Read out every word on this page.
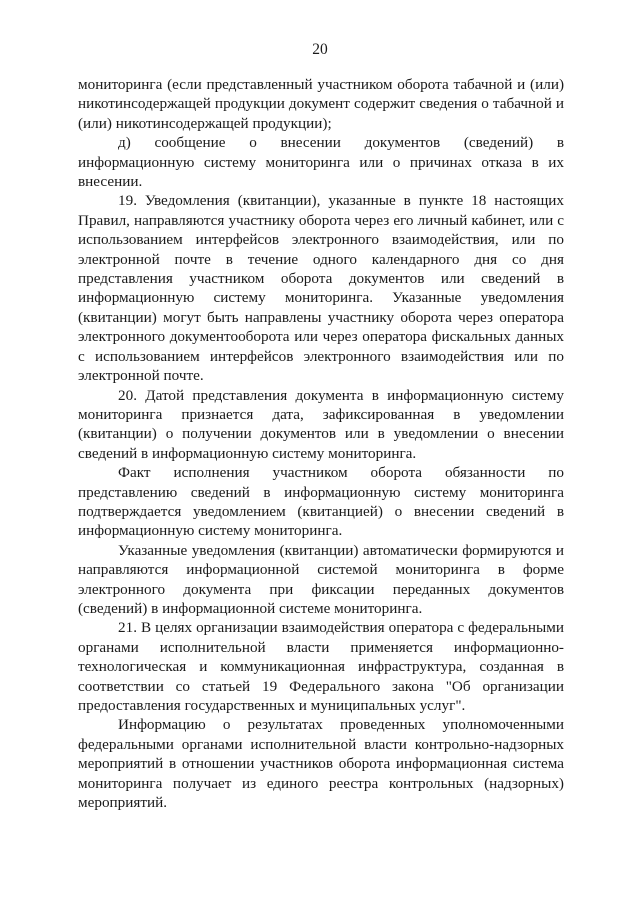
20

мониторинга (если представленный участником оборота табачной и (или) никотинсодержащей продукции документ содержит сведения о табачной и (или) никотинсодержащей продукции);

д) сообщение о внесении документов (сведений) в информационную систему мониторинга или о причинах отказа в их внесении.

19. Уведомления (квитанции), указанные в пункте 18 настоящих Правил, направляются участнику оборота через его личный кабинет, или с использованием интерфейсов электронного взаимодействия, или по электронной почте в течение одного календарного дня со дня представления участником оборота документов или сведений в информационную систему мониторинга. Указанные уведомления (квитанции) могут быть направлены участнику оборота через оператора электронного документооборота или через оператора фискальных данных с использованием интерфейсов электронного взаимодействия или по электронной почте.

20. Датой представления документа в информационную систему мониторинга признается дата, зафиксированная в уведомлении (квитанции) о получении документов или в уведомлении о внесении сведений в информационную систему мониторинга.

Факт исполнения участником оборота обязанности по представлению сведений в информационную систему мониторинга подтверждается уведомлением (квитанцией) о внесении сведений в информационную систему мониторинга.

Указанные уведомления (квитанции) автоматически формируются и направляются информационной системой мониторинга в форме электронного документа при фиксации переданных документов (сведений) в информационной системе мониторинга.

21. В целях организации взаимодействия оператора с федеральными органами исполнительной власти применяется информационно-технологическая и коммуникационная инфраструктура, созданная в соответствии со статьей 19 Федерального закона "Об организации предоставления государственных и муниципальных услуг".

Информацию о результатах проведенных уполномоченными федеральными органами исполнительной власти контрольно-надзорных мероприятий в отношении участников оборота информационная система мониторинга получает из единого реестра контрольных (надзорных) мероприятий.
